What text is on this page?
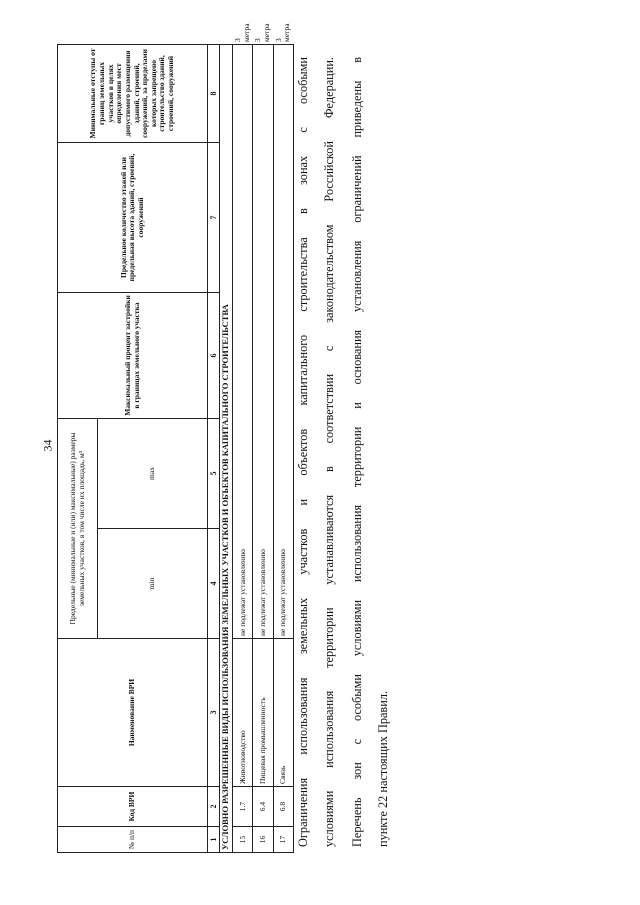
34
№ п/п	Код ВРИ	Наименование ВРИ	Предельные (минимальные и (или) максимальные) размеры земельных участков, в том числе их площадь, м²		Максимальный процент застройки в границах земельного участка	Предельное количество этажей или предельная высота зданий, строений, сооружений	Минимальные отступы от границ земельных участков в целях определения мест допустимого размещения зданий, строений, сооружений, за пределами которых запрещено строительство зданий, строений, сооружений	
			min	max				
1	2	3	4	5	6	7	8	
УСЛОВНО РАЗРЕШЕННЫЕ ВИДЫ ИСПОЛЬЗОВАНИЯ ЗЕМЕЛЬНЫХ УЧАСТКОВ И ОБЪЕКТОВ КАПИТАЛЬНОГО СТРОИТЕЛЬСТВА								
15	1.7	Животноводство	не подлежат установлению					3 метра
16	6.4	Пищевая промышленность	не подлежат установлению					3 метра
17	6.8	Связь	не подлежат установлению					3 метра
Ограничения использования земельных участков и объектов капитального строительства в зонах с особыми условиями использования территории устанавливаются в соответствии с законодательством Российской Федерации. Перечень зон с особыми условиями использования территории и основания установления ограничений приведены в пункте 22 настоящих Правил.
